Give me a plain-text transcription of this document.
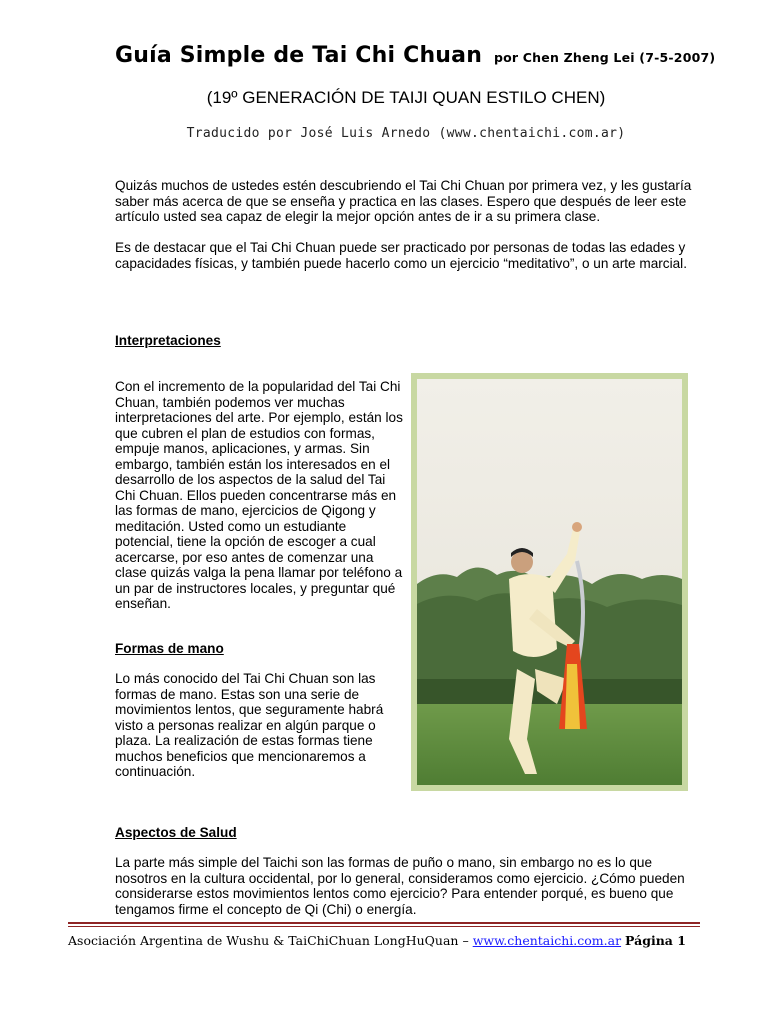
Guía Simple de Tai Chi Chuan por Chen Zheng Lei (7-5-2007)
(19º GENERACIÓN DE TAIJI QUAN ESTILO CHEN)
Traducido por José Luis Arnedo (www.chentaichi.com.ar)
Quizás muchos de ustedes estén descubriendo el Tai Chi Chuan por primera vez, y les gustaría saber más acerca de que se enseña y practica en las clases. Espero que después de leer este artículo usted sea capaz de elegir la mejor opción antes de ir a su primera clase.
Es de destacar que el Tai Chi Chuan puede ser practicado por personas de todas las edades y capacidades físicas, y también puede hacerlo como un ejercicio “meditativo”, o un arte marcial.
Interpretaciones
Con el incremento de la popularidad del Tai Chi Chuan, también podemos ver muchas interpretaciones del arte. Por ejemplo, están los que cubren el plan de estudios con formas, empuje manos, aplicaciones, y armas. Sin embargo, también están los interesados en el desarrollo de los aspectos de la salud del Tai Chi Chuan. Ellos pueden concentrarse más en las formas de mano, ejercicios de Qigong y meditación. Usted como un estudiante potencial, tiene la opción de escoger a cual acercarse, por eso antes de comenzar una clase quizás valga la pena llamar por teléfono a un par de instructores locales, y preguntar qué enseñan.
Formas de mano
Lo más conocido del Tai Chi Chuan son las formas de mano. Estas son una serie de movimientos lentos, que seguramente habrá visto a personas realizar en algún parque o plaza. La realización de estas formas tiene muchos beneficios que mencionaremos a continuación.
Aspectos de Salud
La parte más simple del Taichi son las formas de puño o mano, sin embargo no es lo que nosotros en la cultura occidental, por lo general, consideramos como ejercicio. ¿Cómo pueden considerarse estos movimientos lentos como ejercicio? Para entender porqué, es bueno que tengamos firme el concepto de Qi (Chi) o energía.
Asociación Argentina de Wushu & TaiChiChuan LongHuQuan – www.chentaichi.com.ar Página 1
